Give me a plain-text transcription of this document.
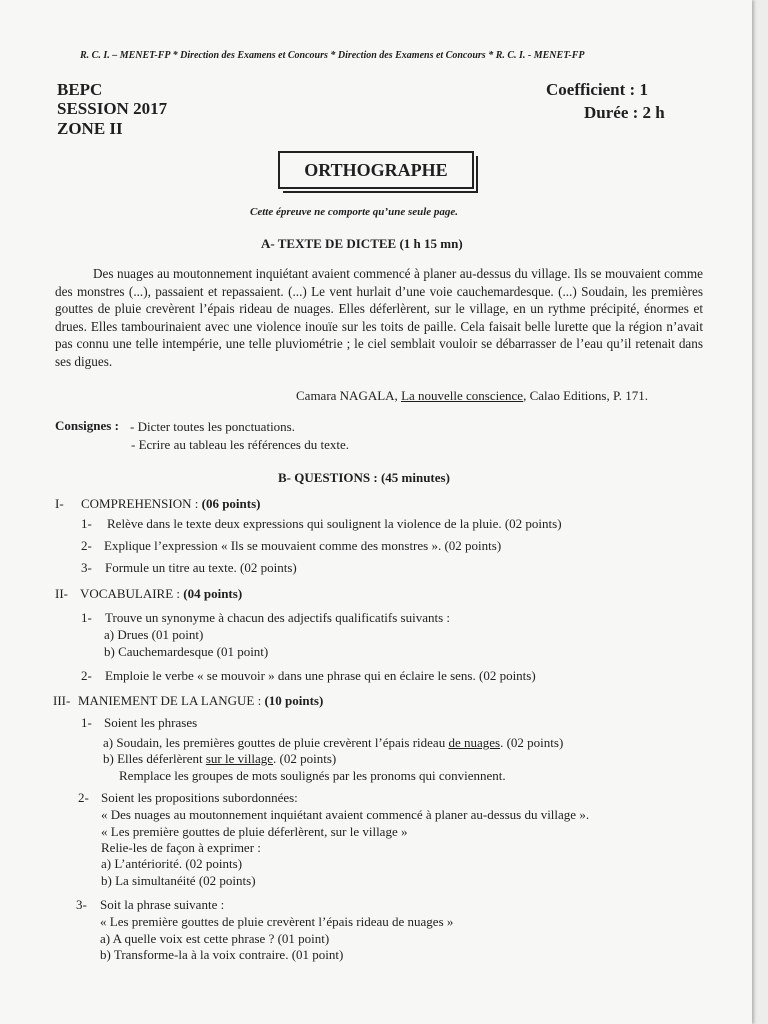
R. C. I. – MENET-FP * Direction des Examens et Concours * Direction des Examens et Concours * R. C. I. - MENET-FP
BEPC
SESSION 2017
ZONE II
Coefficient : 1
Durée : 2 h
ORTHOGRAPHE
Cette épreuve ne comporte qu’une seule page.
A- TEXTE DE DICTEE (1 h 15 mn)

Des nuages au moutonnement inquiétant avaient commencé à planer au-dessus du village. Ils se mouvaient comme des monstres (...), passaient et repassaient. (...) Le vent hurlait d’une voie cauchemardesque. (...) Soudain, les premières gouttes de pluie crevèrent l’épais rideau de nuages. Elles déferlèrent, sur le village, en un rythme précipité, énormes et drues. Elles tambourinaient avec une violence inouïe sur les toits de paille. Cela faisait belle lurette que la région n’avait pas connu une telle intempérie, une telle pluviométrie ; le ciel semblait vouloir se débarrasser de l’eau qu’il retenait dans ses digues.

Camara NAGALA, La nouvelle conscience, Calao Editions, P. 171.
Consignes : - Dicter toutes les ponctuations.
- Ecrire au tableau les références du texte.
B- QUESTIONS : (45 minutes)
I- COMPREHENSION : (06 points)
1- Relève dans le texte deux expressions qui soulignent la violence de la pluie. (02 points)
2- Explique l’expression « Ils se mouvaient comme des monstres ». (02 points)
3- Formule un titre au texte. (02 points)
II- VOCABULAIRE : (04 points)
1- Trouve un synonyme à chacun des adjectifs qualificatifs suivants :
a) Drues (01 point)
b) Cauchemardesque (01 point)
2- Emploie le verbe « se mouvoir » dans une phrase qui en éclaire le sens. (02 points)
III- MANIEMENT DE LA LANGUE : (10 points)
1- Soient les phrases
a) Soudain, les premières gouttes de pluie crevèrent l’épais rideau de nuages. (02 points)
b) Elles déferlèrent sur le village. (02 points)
Remplace les groupes de mots soulignés par les pronoms qui conviennent.
2- Soient les propositions subordonnées:
« Des nuages au moutonnement inquiétant avaient commencé à planer au-dessus du village ».
« Les première gouttes de pluie déferlèrent, sur le village »
Relie-les de façon à exprimer :
a) L’antériorité. (02 points)
b) La simultanéité (02 points)
3- Soit la phrase suivante :
« Les première gouttes de pluie crevèrent l’épais rideau de nuages »
a) A quelle voix est cette phrase ? (01 point)
b) Transforme-la à la voix contraire. (01 point)
